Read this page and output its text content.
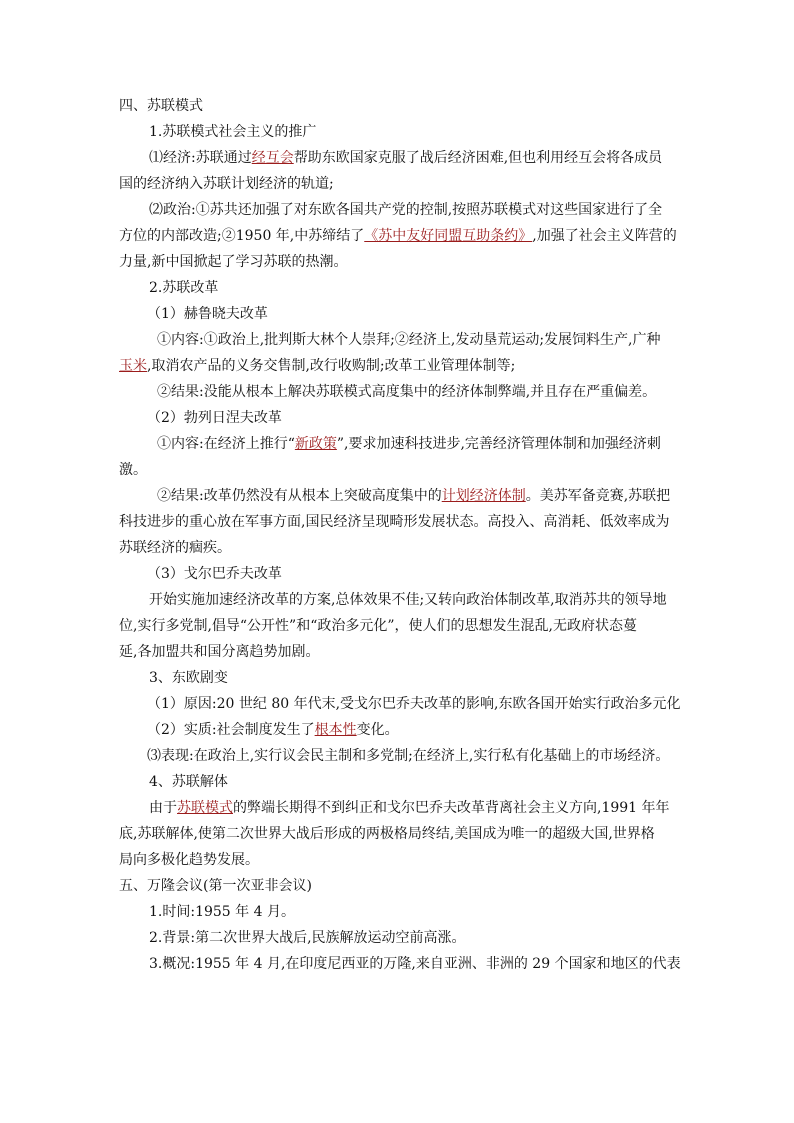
四、苏联模式

1.苏联模式社会主义的推广

⑴经济:苏联通过经互会帮助东欧国家克服了战后经济困难,但也利用经互会将各成员

国的经济纳入苏联计划经济的轨道;

⑵政治:①苏共还加强了对东欧各国共产党的控制,按照苏联模式对这些国家进行了全

方位的内部改造;②1950 年,中苏缔结了《苏中友好同盟互助条约》,加强了社会主义阵营的

力量,新中国掀起了学习苏联的热潮。

2.苏联改革

（1）赫鲁晓夫改革

①内容:①政治上,批判斯大林个人崇拜;②经济上,发动垦荒运动;发展饲料生产,广种

玉米,取消农产品的义务交售制,改行收购制;改革工业管理体制等;

②结果:没能从根本上解决苏联模式高度集中的经济体制弊端,并且存在严重偏差。

（2）勃列日涅夫改革

①内容:在经济上推行“新政策”,要求加速科技进步,完善经济管理体制和加强经济刺

激。

②结果:改革仍然没有从根本上突破高度集中的计划经济体制。美苏军备竞赛,苏联把

科技进步的重心放在军事方面,国民经济呈现畸形发展状态。高投入、高消耗、低效率成为

苏联经济的痼疾。

（3）戈尔巴乔夫改革

开始实施加速经济改革的方案,总体效果不佳;又转向政治体制改革,取消苏共的领导地

位,实行多党制,倡导“公开性”和“政治多元化”，使人们的思想发生混乱,无政府状态蔓

延,各加盟共和国分离趋势加剧。

3、东欧剧变

（1）原因:20 世纪 80 年代末,受戈尔巴乔夫改革的影响,东欧各国开始实行政治多元化

（2）实质:社会制度发生了根本性变化。

⑶表现:在政治上,实行议会民主制和多党制;在经济上,实行私有化基础上的市场经济。

4、苏联解体

由于苏联模式的弊端长期得不到纠正和戈尔巴乔夫改革背离社会主义方向,1991 年年

底,苏联解体,使第二次世界大战后形成的两极格局终结,美国成为唯一的超级大国,世界格

局向多极化趋势发展。

五、万隆会议(第一次亚非会议)

1.时间:1955 年 4 月。

2.背景:第二次世界大战后,民族解放运动空前高涨。

3.概况:1955 年 4 月,在印度尼西亚的万隆,来自亚洲、非洲的 29 个国家和地区的代表
